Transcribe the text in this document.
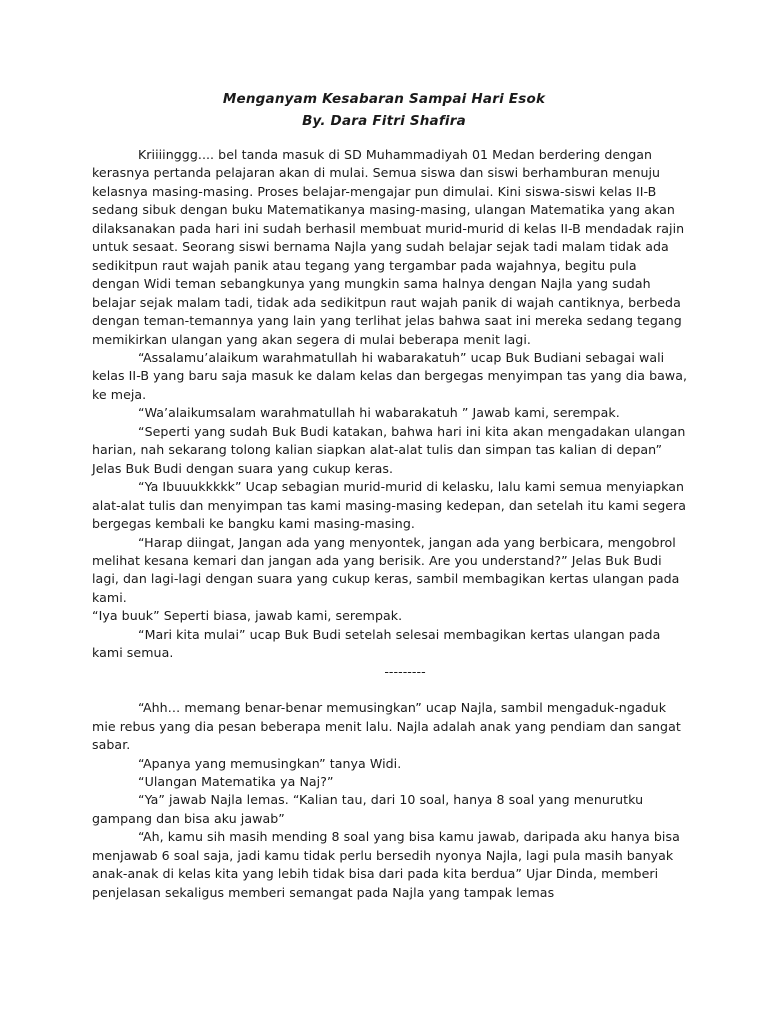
Menganyam Kesabaran Sampai Hari Esok
By. Dara Fitri Shafira

Kriiiinggg.... bel tanda masuk di SD Muhammadiyah 01 Medan berdering dengan kerasnya pertanda pelajaran akan di mulai. Semua siswa dan siswi berhamburan menuju kelasnya masing-masing. Proses belajar-mengajar pun dimulai. Kini siswa-siswi kelas II-B sedang sibuk dengan buku Matematikanya masing-masing, ulangan Matematika yang akan dilaksanakan pada hari ini sudah berhasil membuat murid-murid di kelas II-B mendadak rajin untuk sesaat. Seorang siswi bernama Najla yang sudah belajar sejak tadi malam tidak ada sedikitpun raut wajah panik atau tegang yang tergambar pada wajahnya, begitu pula dengan Widi teman sebangkunya yang mungkin sama halnya dengan Najla yang sudah belajar sejak malam tadi, tidak ada sedikitpun raut wajah panik di wajah cantiknya, berbeda dengan teman-temannya yang lain yang terlihat jelas bahwa saat ini mereka sedang tegang memikirkan ulangan yang akan segera di mulai beberapa menit lagi.

“Assalamu’alaikum warahmatullah hi wabarakatuh” ucap Buk Budiani sebagai wali kelas II-B yang baru saja masuk ke dalam kelas dan bergegas menyimpan tas yang dia bawa, ke meja.

“Wa’alaikumsalam warahmatullah hi wabarakatuh ” Jawab kami, serempak.

“Seperti yang sudah Buk Budi katakan, bahwa hari ini kita akan mengadakan ulangan harian, nah sekarang tolong kalian siapkan alat-alat tulis dan simpan tas kalian di depan” Jelas Buk Budi dengan suara yang cukup keras.

“Ya Ibuuukkkkk” Ucap sebagian murid-murid di kelasku, lalu kami semua menyiapkan alat-alat tulis dan menyimpan tas kami masing-masing kedepan, dan setelah itu kami segera bergegas kembali ke bangku kami masing-masing.

“Harap diingat, Jangan ada yang menyontek, jangan ada yang berbicara, mengobrol melihat kesana kemari dan jangan ada yang berisik. Are you understand?” Jelas Buk Budi lagi, dan lagi-lagi dengan suara yang cukup keras, sambil membagikan kertas ulangan pada kami.

“Iya buuk” Seperti biasa, jawab kami, serempak.

“Mari kita mulai” ucap Buk Budi setelah selesai membagikan kertas ulangan pada kami semua.

---------

“Ahh… memang benar-benar memusingkan” ucap Najla, sambil mengaduk-ngaduk mie rebus yang dia pesan beberapa menit lalu. Najla adalah anak yang pendiam dan sangat sabar.

“Apanya yang memusingkan” tanya Widi.

“Ulangan Matematika ya Naj?”

“Ya” jawab Najla lemas. “Kalian tau, dari 10 soal, hanya 8 soal yang menurutku gampang dan bisa aku jawab”

“Ah, kamu sih masih mending 8 soal yang bisa kamu jawab, daripada aku hanya bisa menjawab 6 soal saja, jadi kamu tidak perlu bersedih nyonya Najla, lagi pula masih banyak anak-anak di kelas kita yang lebih tidak bisa dari pada kita berdua” Ujar Dinda, memberi penjelasan sekaligus memberi semangat pada Najla yang tampak lemas
